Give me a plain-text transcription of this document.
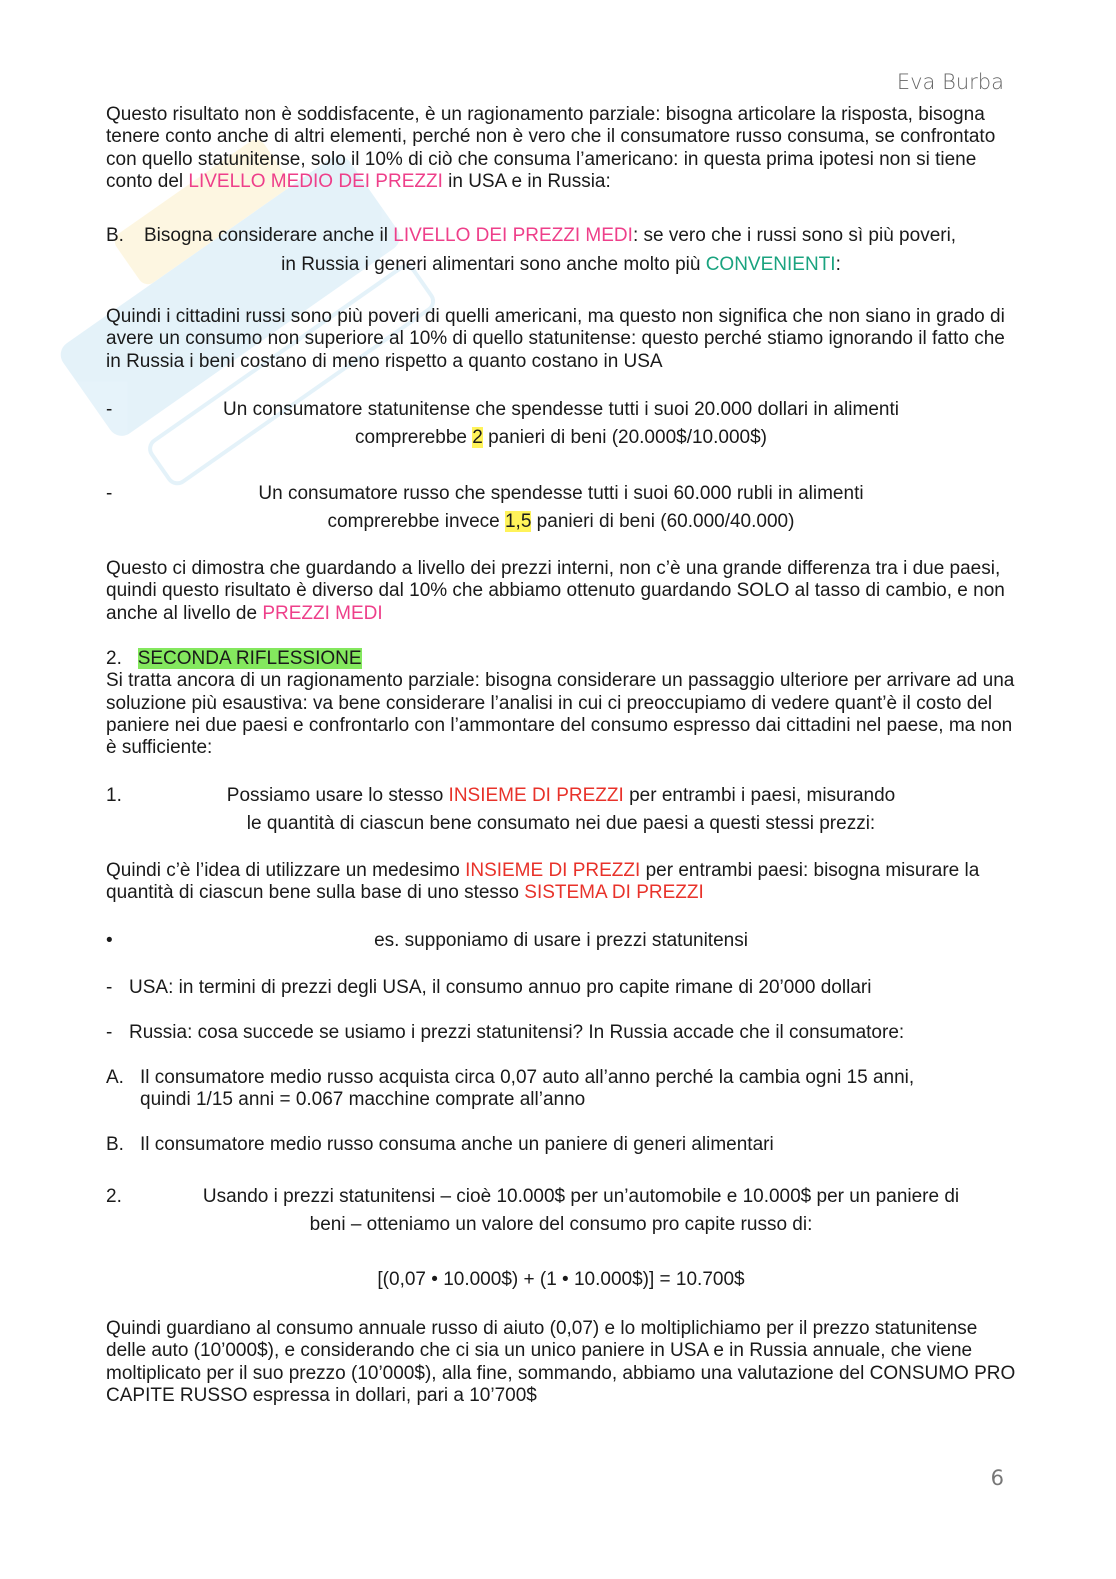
Eva Burba

Questo risultato non è soddisfacente, è un ragionamento parziale: bisogna articolare la risposta, bisogna tenere conto anche di altri elementi, perché non è vero che il consumatore russo consuma, se confrontato con quello statunitense, solo il 10% di ciò che consuma l’americano: in questa prima ipotesi non si tiene conto del LIVELLO MEDIO DEI PREZZI in USA e in Russia:

B. Bisogna considerare anche il LIVELLO DEI PREZZI MEDI: se vero che i russi sono sì più poveri,

in Russia i generi alimentari sono anche molto più CONVENIENTI:

Quindi i cittadini russi sono più poveri di quelli americani, ma questo non significa che non siano in grado di avere un consumo non superiore al 10% di quello statunitense: questo perché stiamo ignorando il fatto che in Russia i beni costano di meno rispetto a quanto costano in USA

-	Un consumatore statunitense che spendesse tutti i suoi 20.000 dollari in alimenti

comprerebbe 2 panieri di beni (20.000$/10.000$)

-	Un consumatore russo che spendesse tutti i suoi 60.000 rubli in alimenti

comprerebbe invece 1,5 panieri di beni (60.000/40.000)

Questo ci dimostra che guardando a livello dei prezzi interni, non c’è una grande differenza tra i due paesi, quindi questo risultato è diverso dal 10% che abbiamo ottenuto guardando SOLO al tasso di cambio, e non anche al livello de PREZZI MEDI

2. SECONDA RIFLESSIONE

Si tratta ancora di un ragionamento parziale: bisogna considerare un passaggio ulteriore per arrivare ad una soluzione più esaustiva: va bene considerare l’analisi in cui ci preoccupiamo di vedere quant’è il costo del paniere nei due paesi e confrontarlo con l’ammontare del consumo espresso dai cittadini nel paese, ma non è sufficiente:

1.	Possiamo usare lo stesso INSIEME DI PREZZI per entrambi i paesi, misurando

le quantità di ciascun bene consumato nei due paesi a questi stessi prezzi:

Quindi c’è l’idea di utilizzare un medesimo INSIEME DI PREZZI per entrambi paesi: bisogna misurare la quantità di ciascun bene sulla base di uno stesso SISTEMA DI PREZZI

•	es. supponiamo di usare i prezzi statunitensi

- USA: in termini di prezzi degli USA, il consumo annuo pro capite rimane di 20’000 dollari
- Russia: cosa succede se usiamo i prezzi statunitensi? In Russia accade che il consumatore:
A. Il consumatore medio russo acquista circa 0,07 auto all’anno perché la cambia ogni 15 anni,
quindi 1/15 anni = 0.067 macchine comprate all’anno
B. Il consumatore medio russo consuma anche un paniere di generi alimentari
2.	Usando i prezzi statunitensi – cioè 10.000$ per un’automobile e 10.000$ per un paniere di

beni – otteniamo un valore del consumo pro capite russo di:

[(0,07 • 10.000$) + (1 • 10.000$)] = 10.700$

Quindi guardiano al consumo annuale russo di aiuto (0,07) e lo moltiplichiamo per il prezzo statunitense delle auto (10’000$), e considerando che ci sia un unico paniere in USA e in Russia annuale, che viene moltiplicato per il suo prezzo (10’000$), alla fine, sommando, abbiamo una valutazione del CONSUMO PRO CAPITE RUSSO espressa in dollari, pari a 10’700$

6
